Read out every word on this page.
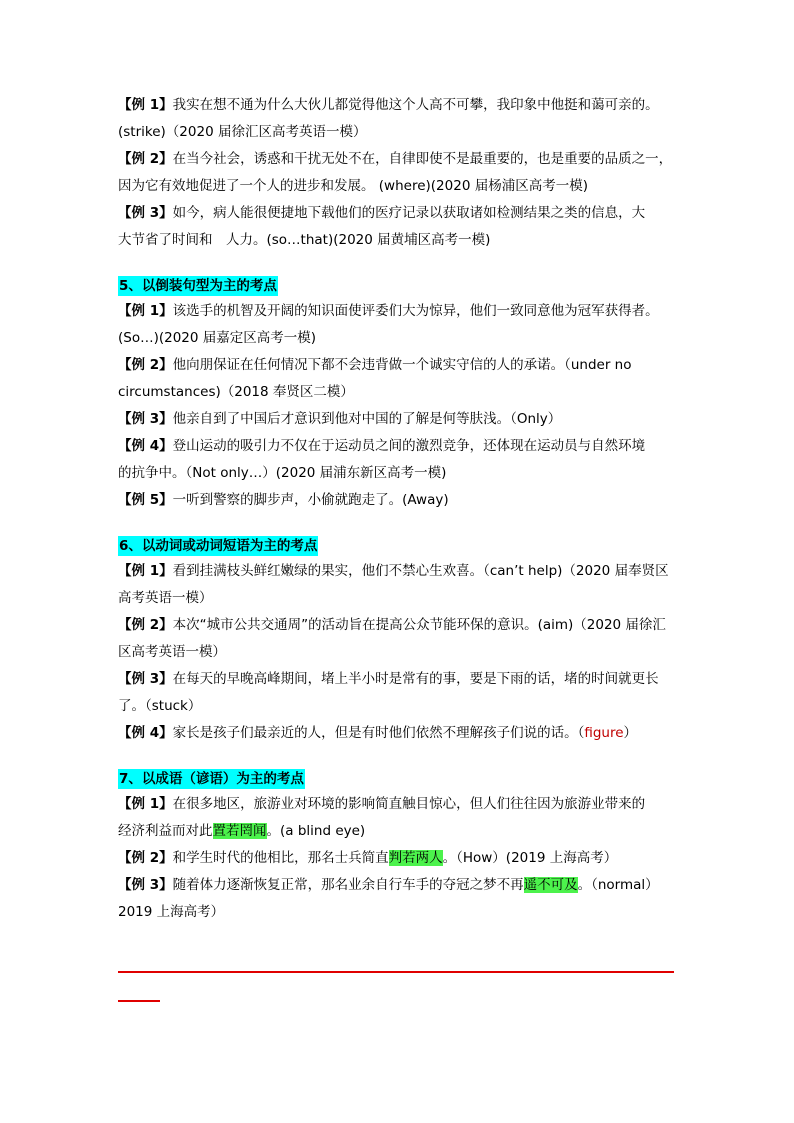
【例 1】我实在想不通为什么大伙儿都觉得他这个人高不可攀，我印象中他挺和蔼可亲的。
(strike)（2020 届徐汇区高考英语一模）
【例 2】在当今社会，诱惑和干扰无处不在，自律即使不是最重要的，也是重要的品质之一，
因为它有效地促进了一个人的进步和发展。 (where)(2020 届杨浦区高考一模)
【例 3】如今，病人能很便捷地下载他们的医疗记录以获取诸如检测结果之类的信息，大
大节省了时间和　人力。(so…that)(2020 届黄埔区高考一模)
5、以倒装句型为主的考点
【例 1】该选手的机智及开阔的知识面使评委们大为惊异，他们一致同意他为冠军获得者。
(So…)(2020 届嘉定区高考一模)
【例 2】他向朋保证在任何情况下都不会违背做一个诚实守信的人的承诺。（under no
circumstances)（2018 奉贤区二模）
【例 3】他亲自到了中国后才意识到他对中国的了解是何等肤浅。（Only）
【例 4】登山运动的吸引力不仅在于运动员之间的激烈竞争，还体现在运动员与自然环境
的抗争中。（Not only…）(2020 届浦东新区高考一模)
【例 5】一听到警察的脚步声，小偷就跑走了。(Away)
6、以动词或动词短语为主的考点
【例 1】看到挂满枝头鲜红嫩绿的果实，他们不禁心生欢喜。（can’t help)（2020 届奉贤区
高考英语一模）
【例 2】本次“城市公共交通周”的活动旨在提高公众节能环保的意识。(aim)（2020 届徐汇
区高考英语一模）
【例 3】在每天的早晚高峰期间，堵上半小时是常有的事，要是下雨的话，堵的时间就更长
了。（stuck）
【例 4】家长是孩子们最亲近的人，但是有时他们依然不理解孩子们说的话。（figure）
7、以成语（谚语）为主的考点
【例 1】在很多地区，旅游业对环境的影响简直触目惊心，但人们往往因为旅游业带来的
经济利益而对此置若罔闻。(a blind eye)
【例 2】和学生时代的他相比，那名士兵简直判若两人。（How）(2019 上海高考）
【例 3】随着体力逐渐恢复正常，那名业余自行车手的夺冠之梦不再遥不可及。（normal）
2019 上海高考）
